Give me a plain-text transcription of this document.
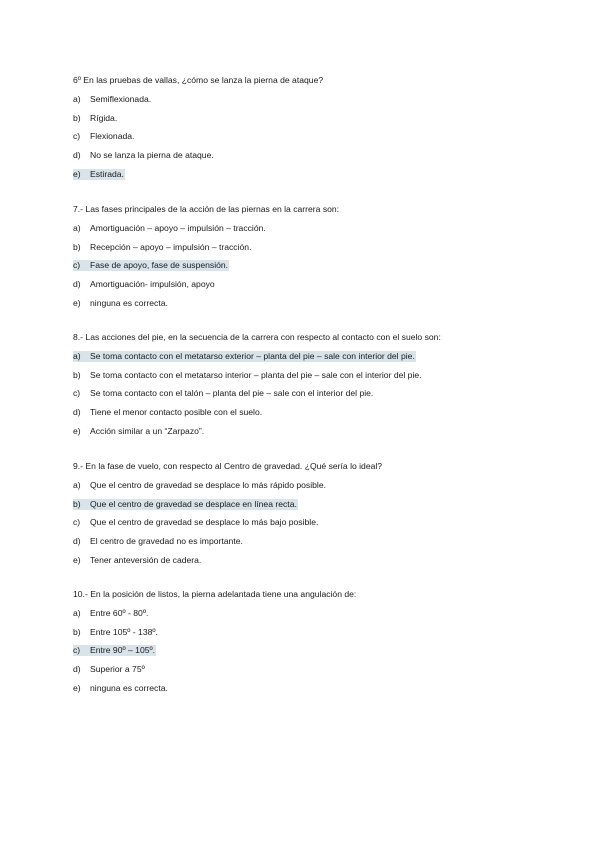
6º En las pruebas de vallas, ¿cómo se lanza la pierna de ataque?
a) Semiflexionada.
b) Rígida.
c) Flexionada.
d) No se lanza la pierna de ataque.
e) Estirada.
7.- Las fases principales de la acción de las piernas en la carrera son:
a) Amortiguación – apoyo – impulsión – tracción.
b) Recepción – apoyo – impulsión – tracción.
c) Fase de apoyo, fase de suspensión.
d) Amortiguación- impulsión, apoyo
e) ninguna es correcta.
8.- Las acciones del pie, en la secuencia de la carrera con respecto al contacto con el suelo son:
a) Se toma contacto con el metatarso exterior – planta del pie – sale con interior del pie.
b) Se toma contacto con el metatarso interior – planta del pie – sale con el interior del pie.
c) Se toma contacto con el talón – planta del pie – sale con el interior del pie.
d) Tiene el menor contacto posible con el suelo.
e) Acción similar a un “Zarpazo”.
9.- En la fase de vuelo, con respecto al Centro de gravedad. ¿Qué sería lo ideal?
a) Que el centro de gravedad se desplace lo más rápido posible.
b) Que el centro de gravedad se desplace en línea recta.
c) Que el centro de gravedad se desplace lo más bajo posible.
d) El centro de gravedad no es importante.
e) Tener anteversión de cadera.
10.- En la posición de listos, la pierna adelantada tiene una angulación de:
a) Entre 60º - 80º.
b) Entre 105º - 138º.
c) Entre 90º – 105º.
d) Superior a 75º
e) ninguna es correcta.
